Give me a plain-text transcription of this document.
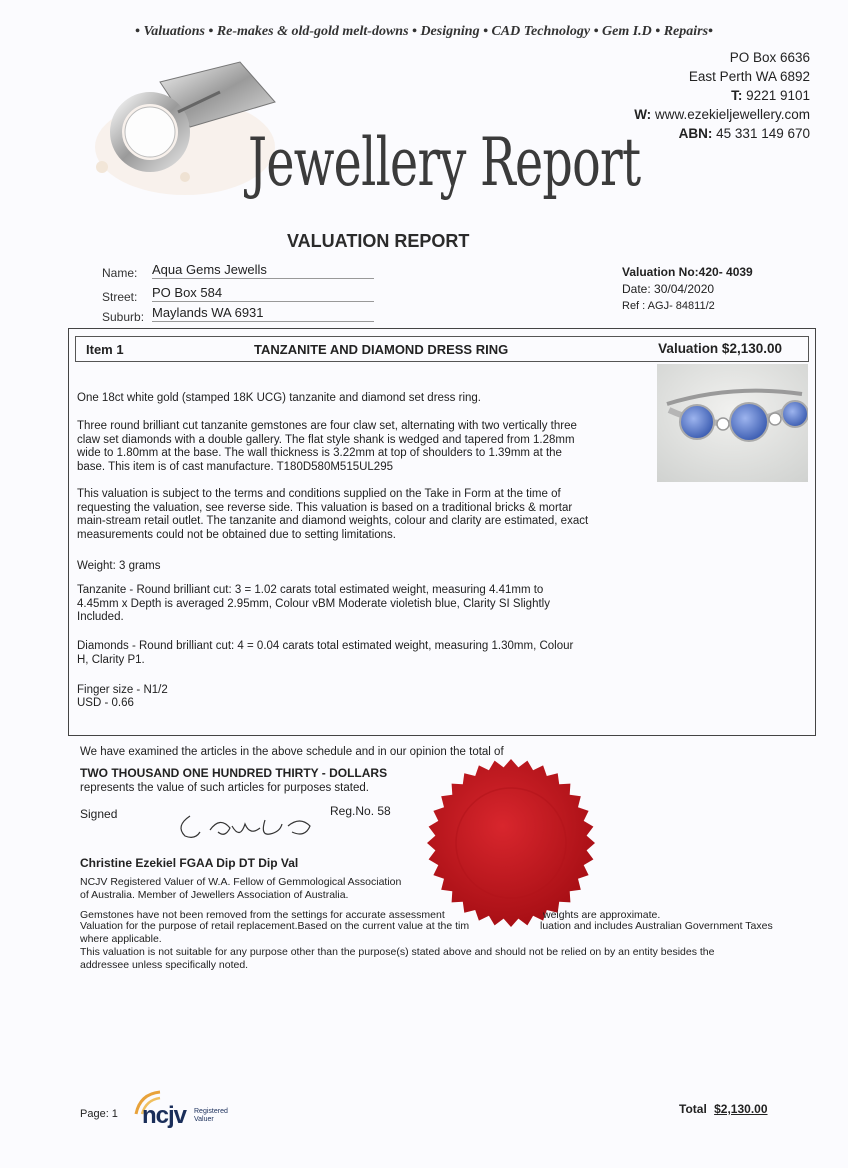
• Valuations • Re-makes & old-gold melt-downs • Designing • CAD Technology • Gem I.D • Repairs•
PO Box 6636
East Perth WA 6892
T: 9221 9101
W: www.ezekieljewellery.com
ABN: 45 331 149 670
Jewellery Report
VALUATION REPORT
Name: Aqua Gems Jewells
Street: PO Box 584
Suburb: Maylands WA 6931
Valuation No:420- 4039
Date: 30/04/2020
Ref : AGJ- 84811/2
Item 1	TANZANITE AND DIAMOND DRESS RING	Valuation $2,130.00
One 18ct white gold (stamped 18K UCG) tanzanite and diamond set dress ring.
Three round brilliant cut tanzanite gemstones are four claw set, alternating with two vertically three
claw set diamonds with a double gallery. The flat style shank is wedged and tapered from 1.28mm
wide to 1.80mm at the base. The wall thickness is 3.22mm at top of shoulders to 1.39mm at the
base. This item is of cast manufacture. T180D580M515UL295
This valuation is subject to the terms and conditions supplied on the Take in Form at the time of
requesting the valuation, see reverse side. This valuation is based on a traditional bricks & mortar
main-stream retail outlet. The tanzanite and diamond weights, colour and clarity are estimated, exact
measurements could not be obtained due to setting limitations.
Weight: 3 grams
Tanzanite - Round brilliant cut: 3 = 1.02 carats total estimated weight, measuring 4.41mm to
4.45mm x Depth is averaged 2.95mm, Colour vBM Moderate violetish blue, Clarity SI Slightly
Included.
Diamonds - Round brilliant cut: 4 = 0.04 carats total estimated weight, measuring 1.30mm, Colour
H, Clarity P1.
Finger size - N1/2
USD - 0.66
We have examined the articles in the above schedule and in our opinion the total of
TWO THOUSAND ONE HUNDRED THIRTY - DOLLARS
represents the value of such articles for purposes stated.
Signed	Reg.No. 58
Christine Ezekiel FGAA Dip DT Dip Val
NCJV Registered Valuer of W.A. Fellow of Gemmological Association
of Australia. Member of Jewellers Association of Australia.
Gemstones have not been removed from the settings for accurate assessment	weights are approximate.
Valuation for the purpose of retail replacement.Based on the current value at the tim	luation and includes Australian Government Taxes
where applicable.
This valuation is not suitable for any purpose other than the purpose(s) stated above and should not be relied on by an entity besides the
addressee unless specifically noted.
Page: 1 ncjv Registered
Valuer
Total $2,130.00
